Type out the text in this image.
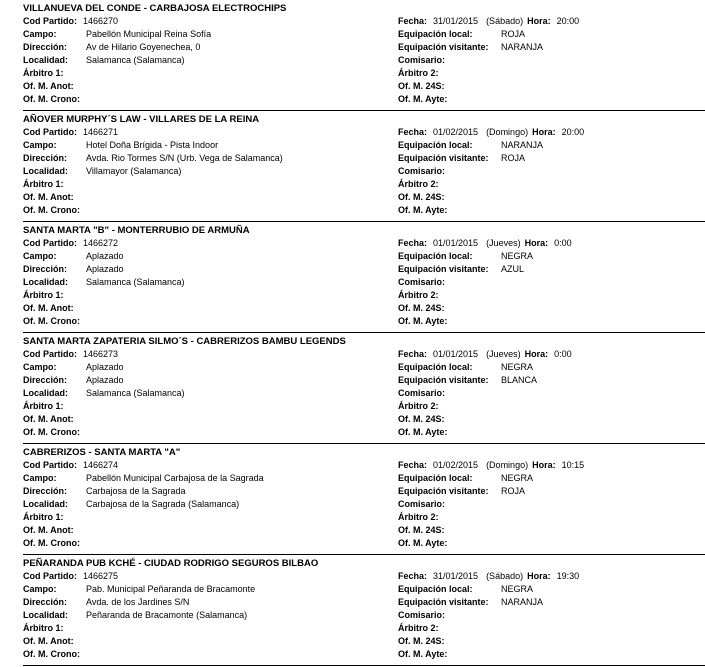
VILLANUEVA DEL CONDE - CARBAJOSA ELECTROCHIPS
Cod Partido: 1466270	Fecha: 31/01/2015 (Sábado) Hora: 20:00
Campo:	Pabellón Municipal Reina Sofía	Equipación local:	ROJA
Dirección: Av de Hilario Goyenechea, 0	Equipación visitante: NARANJA
Localidad: Salamanca (Salamanca)	Comisario:
Árbitro 1:	Árbitro 2:
Of. M. Anot:	Of. M. 24S:
Of. M. Crono:	Of. M. Ayte:
AÑOVER MURPHY´S LAW - VILLARES DE LA REINA
Cod Partido: 1466271	Fecha: 01/02/2015 (Domingo) Hora: 20:00
Campo:	Hotel Doña Brígida - Pista Indoor	Equipación local:	NARANJA
Dirección: Avda. Rio Tormes S/N (Urb. Vega de Salamanca)	Equipación visitante: ROJA
Localidad: Villamayor (Salamanca)	Comisario:
Árbitro 1:	Árbitro 2:
Of. M. Anot:	Of. M. 24S:
Of. M. Crono:	Of. M. Ayte:
SANTA MARTA "B" - MONTERRUBIO DE ARMUÑA
Cod Partido: 1466272	Fecha: 01/01/2015 (Jueves) Hora: 0:00
Campo:	Aplazado	Equipación local:	NEGRA
Dirección: Aplazado	Equipación visitante: AZUL
Localidad: Salamanca (Salamanca)	Comisario:
Árbitro 1:	Árbitro 2:
Of. M. Anot:	Of. M. 24S:
Of. M. Crono:	Of. M. Ayte:
SANTA MARTA ZAPATERIA SILMO´S - CABRERIZOS BAMBU LEGENDS
Cod Partido: 1466273	Fecha: 01/01/2015 (Jueves) Hora: 0:00
Campo:	Aplazado	Equipación local:	NEGRA
Dirección: Aplazado	Equipación visitante: BLANCA
Localidad: Salamanca (Salamanca)	Comisario:
Árbitro 1:	Árbitro 2:
Of. M. Anot:	Of. M. 24S:
Of. M. Crono:	Of. M. Ayte:
CABRERIZOS - SANTA MARTA "A"
Cod Partido: 1466274	Fecha: 01/02/2015 (Domingo) Hora: 10:15
Campo:	Pabellón Municipal Carbajosa de la Sagrada	Equipación local:	NEGRA
Dirección: Carbajosa de la Sagrada	Equipación visitante: ROJA
Localidad: Carbajosa de la Sagrada (Salamanca)	Comisario:
Árbitro 1:	Árbitro 2:
Of. M. Anot:	Of. M. 24S:
Of. M. Crono:	Of. M. Ayte:
PEÑARANDA PUB KCHÉ - CIUDAD RODRIGO SEGUROS BILBAO
Cod Partido: 1466275	Fecha: 31/01/2015 (Sábado) Hora: 19:30
Campo:	Pab. Municipal Peñaranda de Bracamonte	Equipación local:	NEGRA
Dirección: Avda. de los Jardines S/N	Equipación visitante: NARANJA
Localidad: Peñaranda de Bracamonte (Salamanca)	Comisario:
Árbitro 1:	Árbitro 2:
Of. M. Anot:	Of. M. 24S:
Of. M. Crono:	Of. M. Ayte:
